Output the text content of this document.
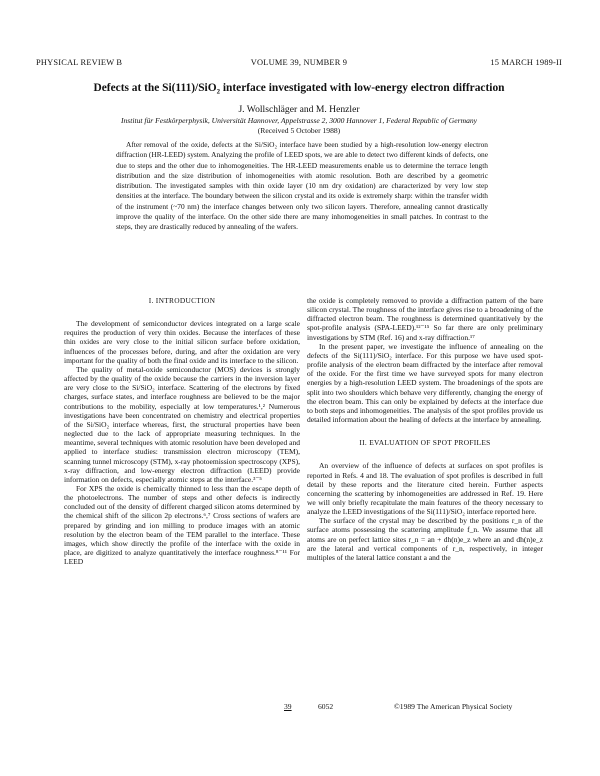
PHYSICAL REVIEW B	VOLUME 39, NUMBER 9	15 MARCH 1989-II
Defects at the Si(111)/SiO₂ interface investigated with low-energy electron diffraction
J. Wollschläger and M. Henzler
Institut für Festkörperphysik, Universität Hannover, Appelstrasse 2, 3000 Hannover 1, Federal Republic of Germany
(Received 5 October 1988)

After removal of the oxide, defects at the Si/SiO₂ interface have been studied by a high-resolution low-energy electron diffraction (HR-LEED) system. Analyzing the profile of LEED spots, we are able to detect two different kinds of defects, one due to steps and the other due to inhomogeneities. The HR-LEED measurements enable us to determine the terrace length distribution and the size distribution of inhomogeneities with atomic resolution. Both are described by a geometric distribution. The investigated samples with thin oxide layer (10 nm dry oxidation) are characterized by very low step densities at the interface. The boundary between the silicon crystal and its oxide is extremely sharp: within the transfer width of the instrument (~70 nm) the interface changes between only two silicon layers. Therefore, annealing cannot drastically improve the quality of the interface. On the other side there are many inhomogeneities in small patches. In contrast to the steps, they are drastically reduced by annealing of the wafers.

I. INTRODUCTION

The development of semiconductor devices integrated on a large scale requires the production of very thin oxides. Because the interfaces of these thin oxides are very close to the initial silicon surface before oxidation, influences of the processes before, during, and after the oxidation are very important for the quality of both the final oxide and its interface to the silicon.

The quality of metal-oxide semiconductor (MOS) devices is strongly affected by the quality of the oxide because the carriers in the inversion layer are very close to the Si/SiO₂ interface. Scattering of the electrons by fixed charges, surface states, and interface roughness are believed to be the major contributions to the mobility, especially at low temperatures.¹,² Numerous investigations have been concentrated on chemistry and electrical properties of the Si/SiO₂ interface whereas, first, the structural properties have been neglected due to the lack of appropriate measuring techniques. In the meantime, several techniques with atomic resolution have been developed and applied to interface studies: transmission electron microscopy (TEM), scanning tunnel microscopy (STM), x-ray photoemission spectroscopy (XPS), x-ray diffraction, and low-energy electron diffraction (LEED) provide information on defects, especially atomic steps at the interface.³⁻⁵

For XPS the oxide is chemically thinned to less than the escape depth of the photoelectrons. The number of steps and other defects is indirectly concluded out of the density of different charged silicon atoms determined by the chemical shift of the silicon 2p electrons.⁶,⁷ Cross sections of wafers are prepared by grinding and ion milling to produce images with an atomic resolution by the electron beam of the TEM parallel to the interface. These images, which show directly the profile of the interface with the oxide in place, are digitized to analyze quantitatively the interface roughness.⁸⁻¹¹ For LEED

the oxide is completely removed to provide a diffraction pattern of the bare silicon crystal. The roughness of the interface gives rise to a broadening of the diffracted electron beam. The roughness is determined quantitatively by the spot-profile analysis (SPA-LEED).¹²⁻¹⁵ So far there are only preliminary investigations by STM (Ref. 16) and x-ray diffraction.¹⁷

In the present paper, we investigate the influence of annealing on the defects of the Si(111)/SiO₂ interface. For this purpose we have used spot-profile analysis of the electron beam diffracted by the interface after removal of the oxide. For the first time we have surveyed spots for many electron energies by a high-resolution LEED system. The broadenings of the spots are split into two shoulders which behave very differently, changing the energy of the electron beam. This can only be explained by defects at the interface due to both steps and inhomogeneities. The analysis of the spot profiles provide us detailed information about the healing of defects at the interface by annealing.

II. EVALUATION OF SPOT PROFILES

An overview of the influence of defects at surfaces on spot profiles is reported in Refs. 4 and 18. The evaluation of spot profiles is described in full detail by these reports and the literature cited herein. Further aspects concerning the scattering by inhomogeneities are addressed in Ref. 19. Here we will only briefly recapitulate the main features of the theory necessary to analyze the LEED investigations of the Si(111)/SiO₂ interface reported here.

The surface of the crystal may be described by the positions r_n of the surface atoms possessing the scattering amplitude f_n. We assume that all atoms are on perfect lattice sites r_n = an + dh(n)e_z where an and dh(n)e_z are the lateral and vertical components of r_n, respectively, in integer multiples of the lateral lattice constant a and the

39	6052	©1989 The American Physical Society
